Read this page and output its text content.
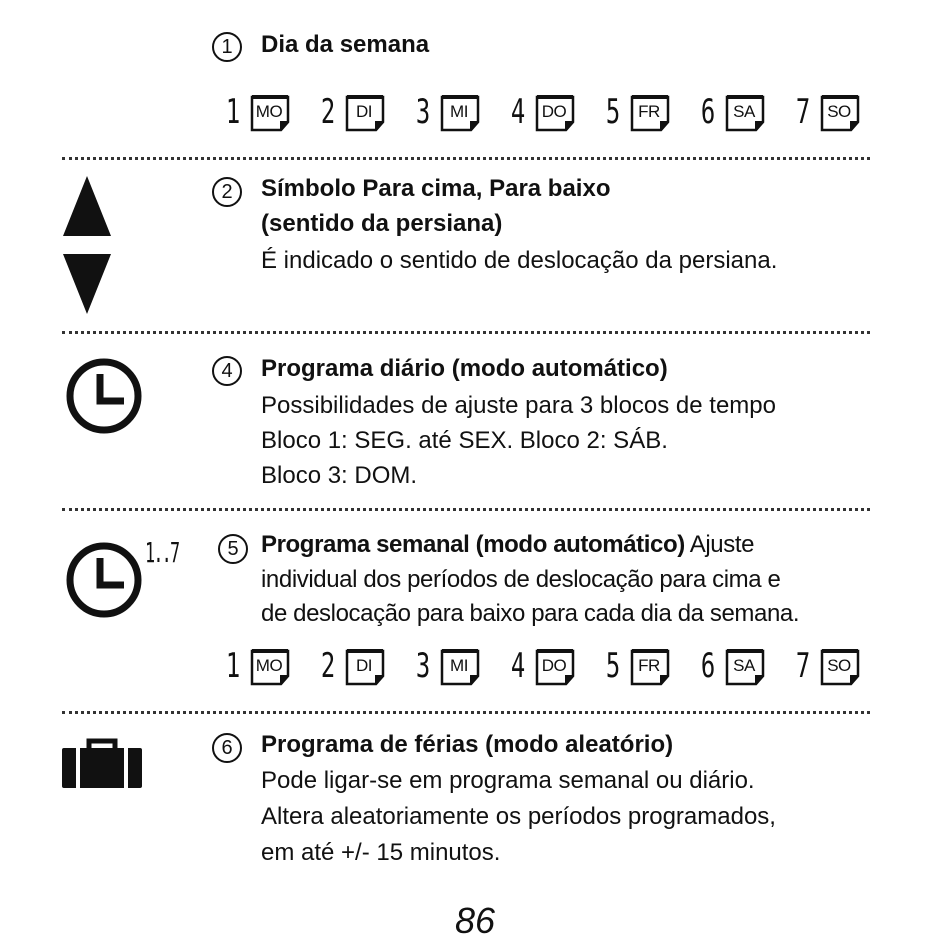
1	Dia da semana
1 MO 2	DI 3	MI 4 DO 5	FR 6	SA 7	SO
2	Símbolo Para cima, Para baixo
(sentido da persiana)
É indicado o sentido de deslocação da persiana.
4	Programa diário (modo automático)
Possibilidades de ajuste para 3 blocos de tempo
Bloco 1: SEG. até SEX. Bloco 2: SÁB.
Bloco 3: DOM.
1..7	5 Programa semanal (modo automático) Ajuste
individual dos períodos de deslocação para cima e
de deslocação para baixo para cada dia da semana.
1 MO 2	DI 3	MI 4 DO 5	FR 6	SA 7	SO
6	Programa de férias (modo aleatório)
Pode ligar-se em programa semanal ou diário.
Altera aleatoriamente os períodos programados,
em até +/- 15 minutos.
86
